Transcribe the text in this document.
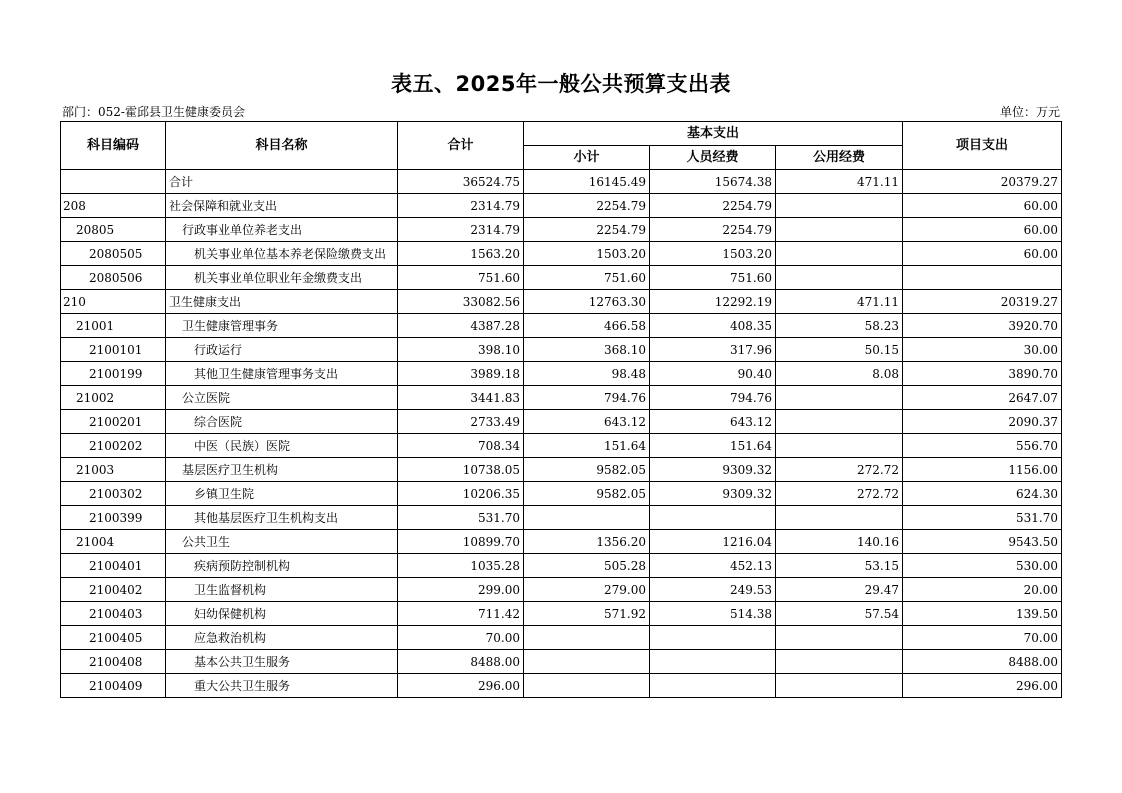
表五、2025年一般公共预算支出表
部门：052-霍邱县卫生健康委员会	单位：万元
科目编码	科目名称	合计	基本支出			项目支出
			小计	人员经费	公用经费	
	合计	36524.75	16145.49	15674.38	471.11	20379.27
208	社会保障和就业支出	2314.79	2254.79	2254.79		60.00
20805	行政事业单位养老支出	2314.79	2254.79	2254.79		60.00
2080505	机关事业单位基本养老保险缴费支出	1563.20	1503.20	1503.20		60.00
2080506	机关事业单位职业年金缴费支出	751.60	751.60	751.60		
210	卫生健康支出	33082.56	12763.30	12292.19	471.11	20319.27
21001	卫生健康管理事务	4387.28	466.58	408.35	58.23	3920.70
2100101	行政运行	398.10	368.10	317.96	50.15	30.00
2100199	其他卫生健康管理事务支出	3989.18	98.48	90.40	8.08	3890.70
21002	公立医院	3441.83	794.76	794.76		2647.07
2100201	综合医院	2733.49	643.12	643.12		2090.37
2100202	中医（民族）医院	708.34	151.64	151.64		556.70
21003	基层医疗卫生机构	10738.05	9582.05	9309.32	272.72	1156.00
2100302	乡镇卫生院	10206.35	9582.05	9309.32	272.72	624.30
2100399	其他基层医疗卫生机构支出	531.70				531.70
21004	公共卫生	10899.70	1356.20	1216.04	140.16	9543.50
2100401	疾病预防控制机构	1035.28	505.28	452.13	53.15	530.00
2100402	卫生监督机构	299.00	279.00	249.53	29.47	20.00
2100403	妇幼保健机构	711.42	571.92	514.38	57.54	139.50
2100405	应急救治机构	70.00				70.00
2100408	基本公共卫生服务	8488.00				8488.00
2100409	重大公共卫生服务	296.00				296.00
